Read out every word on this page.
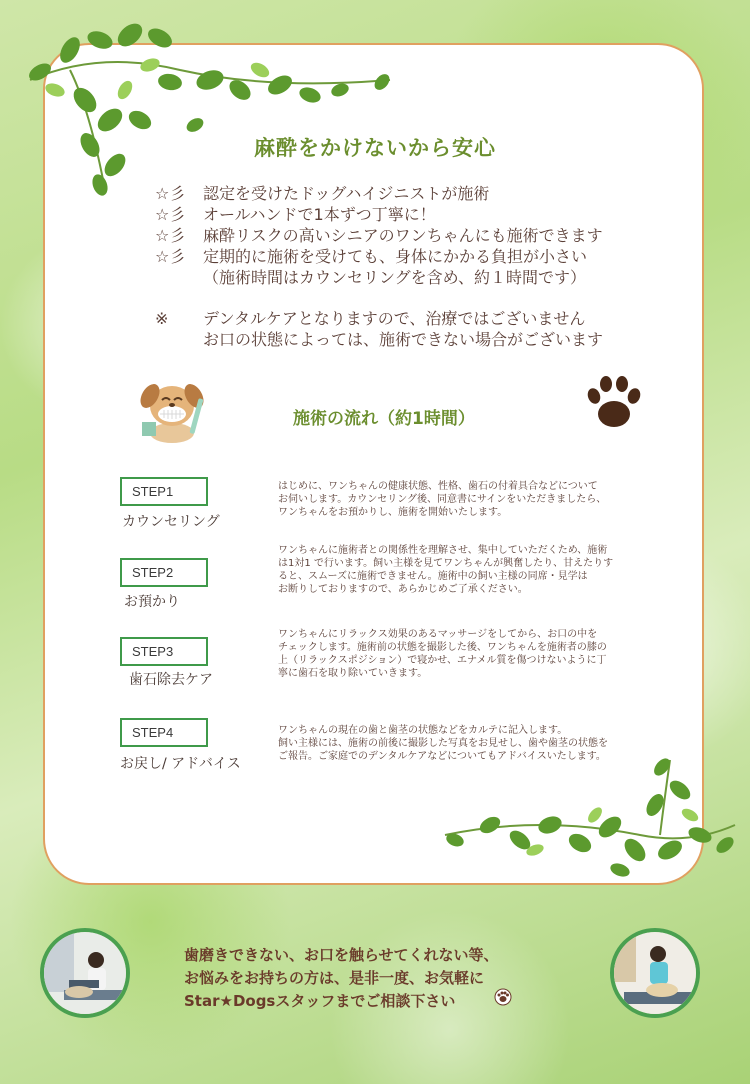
麻酔をかけないから安心
☆彡 認定を受けたドッグハイジニストが施術
☆彡 オールハンドで1本ずつ丁寧に！
☆彡 麻酔リスクの高いシニアのワンちゃんにも施術できます
☆彡 定期的に施術を受けても、身体にかかる負担が小さい
（施術時間はカウンセリングを含め、約１時間です）
※ デンタルケアとなりますので、治療ではございません
お口の状態によっては、施術できない場合がございます
施術の流れ（約1時間）
STEP1
カウンセリング
はじめに、ワンちゃんの健康状態、性格、歯石の付着具合などについて
お伺いします。カウンセリング後、同意書にサインをいただきましたら、
ワンちゃんをお預かりし、施術を開始いたします。
STEP2
お預かり
ワンちゃんに施術者との関係性を理解させ、集中していただくため、施術
は1対1 で行います。飼い主様を見てワンちゃんが興奮したり、甘えたりす
ると、スムーズに施術できません。施術中の飼い主様の同席・見学は
お断りしておりますので、あらかじめご了承ください。
STEP3
歯石除去ケア
ワンちゃんにリラックス効果のあるマッサージをしてから、お口の中を
チェックします。施術前の状態を撮影した後、ワンちゃんを施術者の膝の
上（リラックスポジション）で寝かせ、エナメル質を傷つけないように丁
寧に歯石を取り除いていきます。
STEP4
お戻し/ アドバイス
ワンちゃんの現在の歯と歯茎の状態などをカルテに記入します。
飼い主様には、施術の前後に撮影した写真をお見せし、歯や歯茎の状態を
ご報告。ご家庭でのデンタルケアなどについてもアドバイスいたします。
歯磨きできない、お口を触らせてくれない等、
お悩みをお持ちの方は、是非一度、お気軽に
Star★Dogsスタッフまでご相談下さい
